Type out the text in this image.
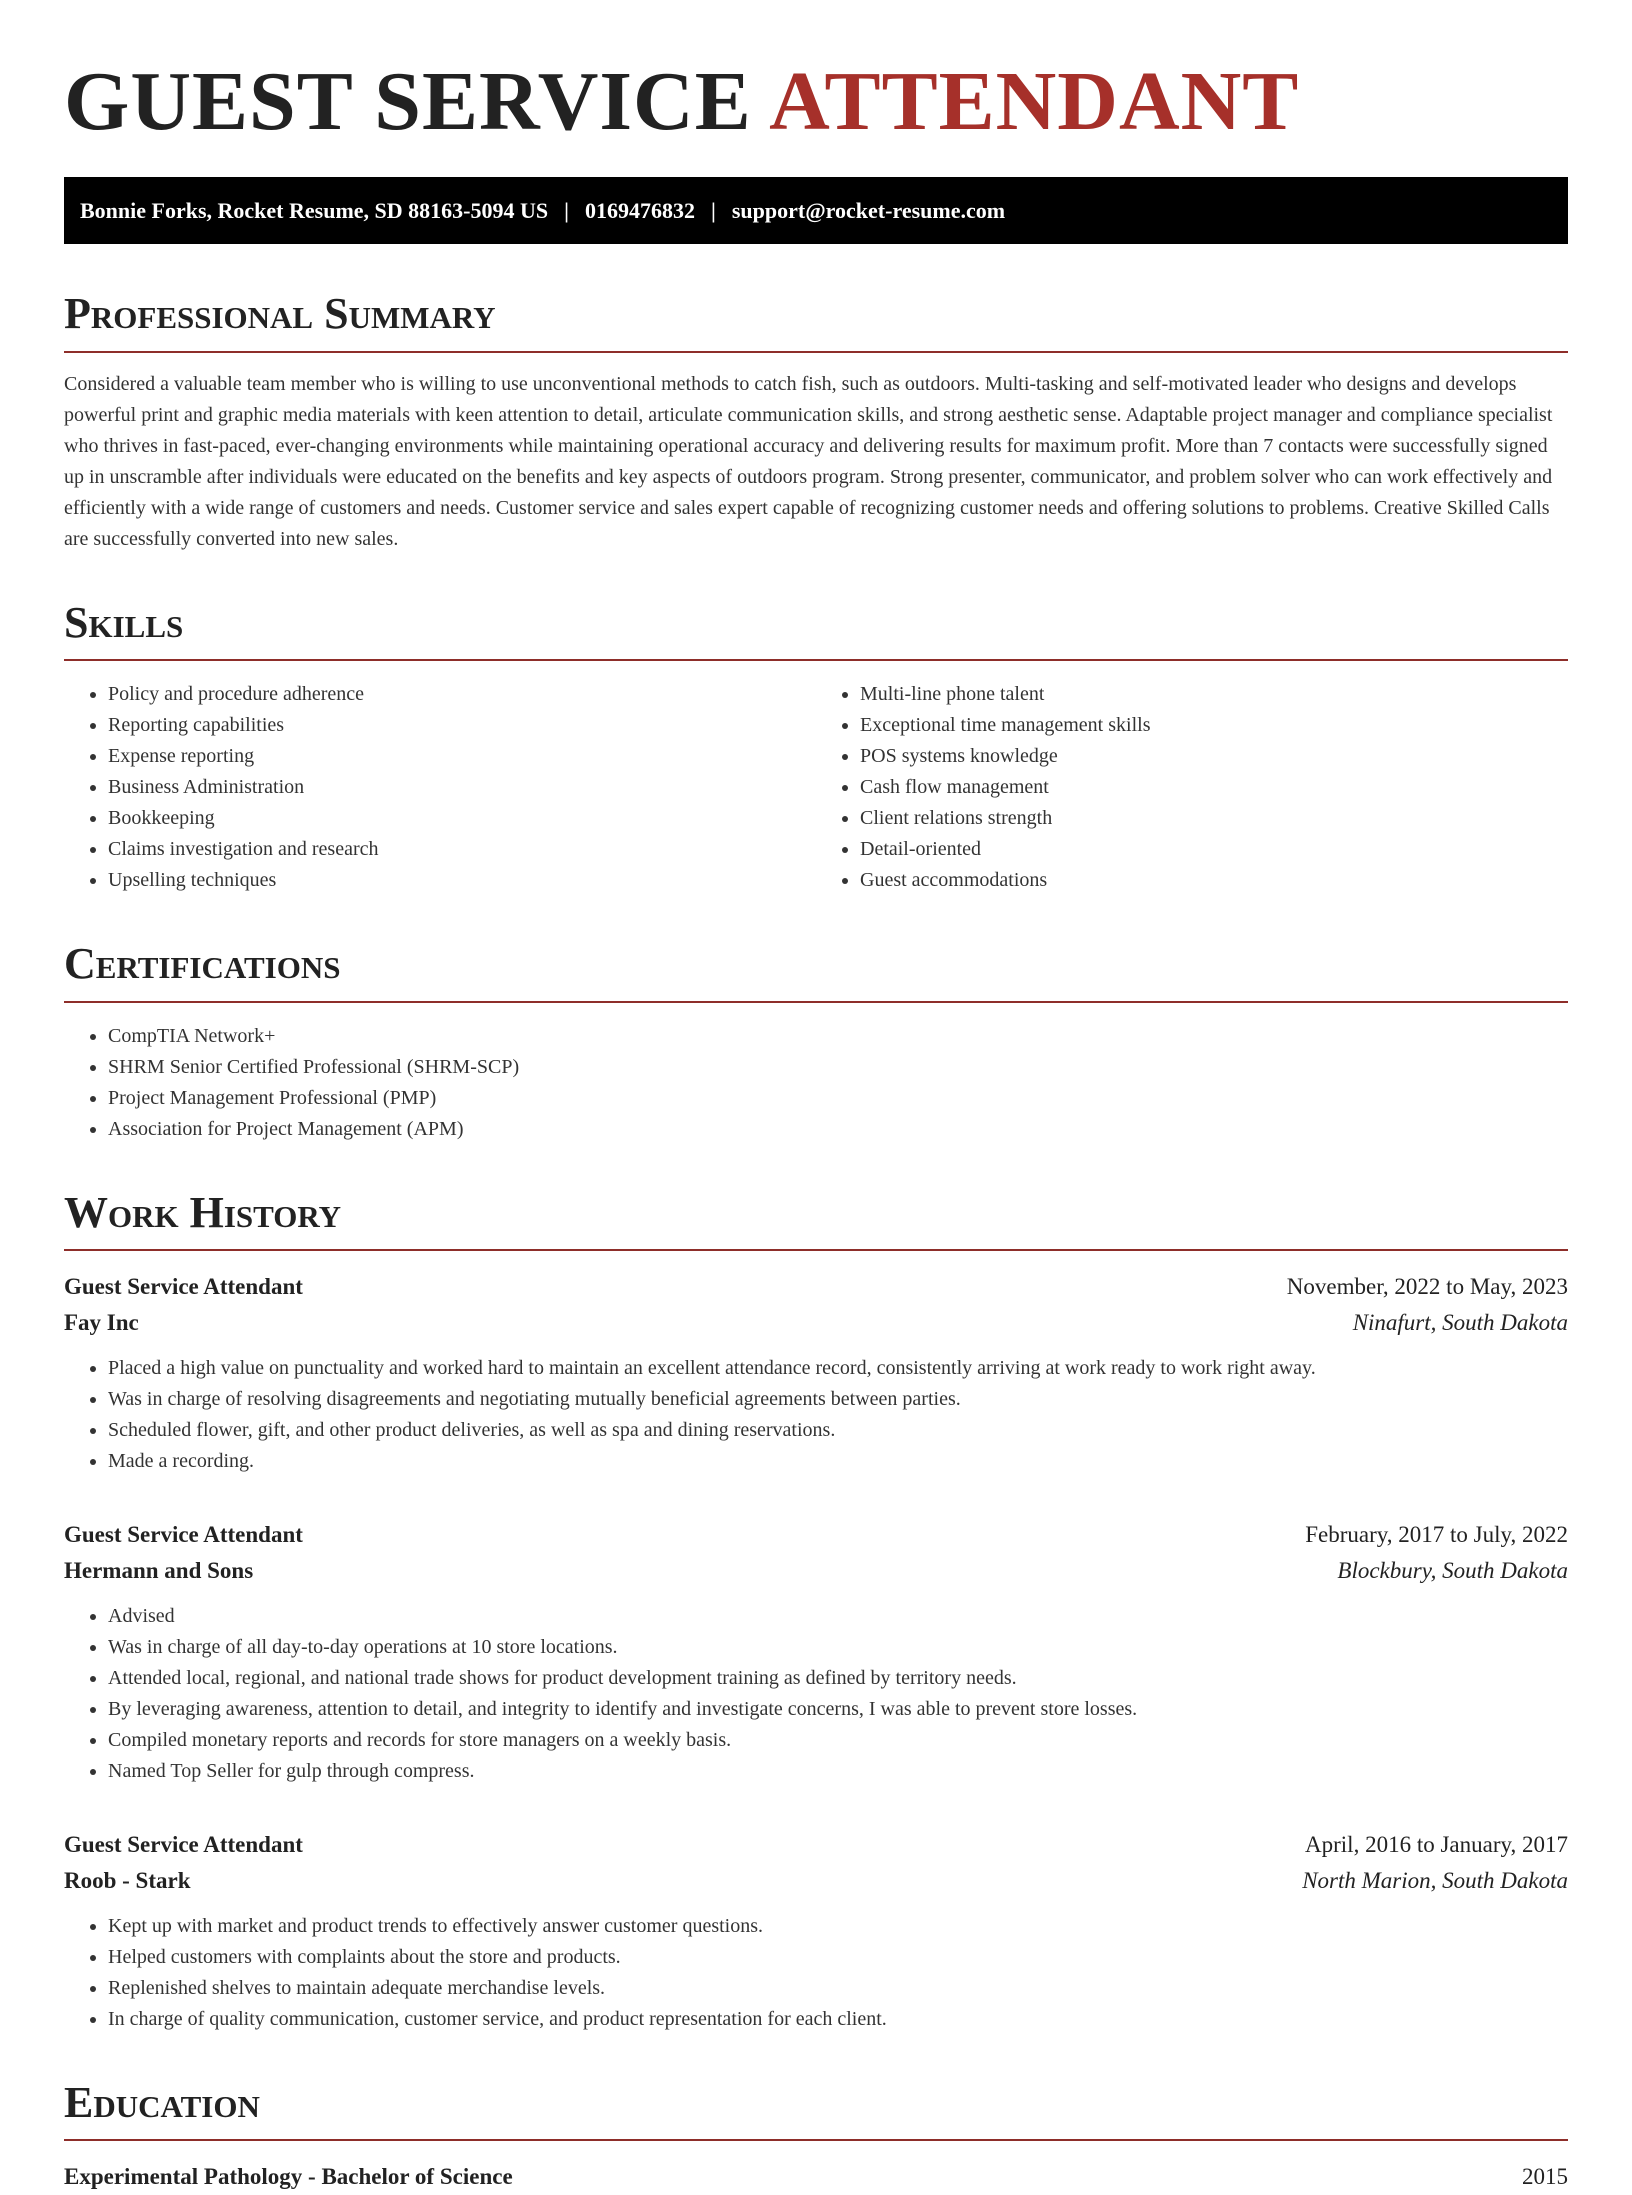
GUEST SERVICE ATTENDANT
Bonnie Forks, Rocket Resume, SD 88163-5094 US | 0169476832 | support@rocket-resume.com
Professional Summary

Considered a valuable team member who is willing to use unconventional methods to catch fish, such as outdoors. Multi-tasking and self-motivated leader who designs and develops powerful print and graphic media materials with keen attention to detail, articulate communication skills, and strong aesthetic sense. Adaptable project manager and compliance specialist who thrives in fast-paced, ever-changing environments while maintaining operational accuracy and delivering results for maximum profit. More than 7 contacts were successfully signed up in unscramble after individuals were educated on the benefits and key aspects of outdoors program. Strong presenter, communicator, and problem solver who can work effectively and efficiently with a wide range of customers and needs. Customer service and sales expert capable of recognizing customer needs and offering solutions to problems. Creative Skilled Calls are successfully converted into new sales.

Skills
• Policy and procedure adherence
• Reporting capabilities
• Expense reporting
• Business Administration
• Bookkeeping
• Claims investigation and research
• Upselling techniques
• Multi-line phone talent
• Exceptional time management skills
• POS systems knowledge
• Cash flow management
• Client relations strength
• Detail-oriented
• Guest accommodations
Certifications
• CompTIA Network+
• SHRM Senior Certified Professional (SHRM-SCP)
• Project Management Professional (PMP)
• Association for Project Management (APM)
Work History
Guest Service Attendant	November, 2022 to May, 2023
Fay Inc	Ninafurt, South Dakota
• Placed a high value on punctuality and worked hard to maintain an excellent attendance record, consistently arriving at work ready to work right away.
• Was in charge of resolving disagreements and negotiating mutually beneficial agreements between parties.
• Scheduled flower, gift, and other product deliveries, as well as spa and dining reservations.
• Made a recording.
Guest Service Attendant	February, 2017 to July, 2022
Hermann and Sons	Blockbury, South Dakota
• Advised
• Was in charge of all day-to-day operations at 10 store locations.
• Attended local, regional, and national trade shows for product development training as defined by territory needs.
• By leveraging awareness, attention to detail, and integrity to identify and investigate concerns, I was able to prevent store losses.
• Compiled monetary reports and records for store managers on a weekly basis.
• Named Top Seller for gulp through compress.
Guest Service Attendant	April, 2016 to January, 2017
Roob - Stark	North Marion, South Dakota
• Kept up with market and product trends to effectively answer customer questions.
• Helped customers with complaints about the store and products.
• Replenished shelves to maintain adequate merchandise levels.
• In charge of quality communication, customer service, and product representation for each client.
Education
Experimental Pathology - Bachelor of Science	2015
